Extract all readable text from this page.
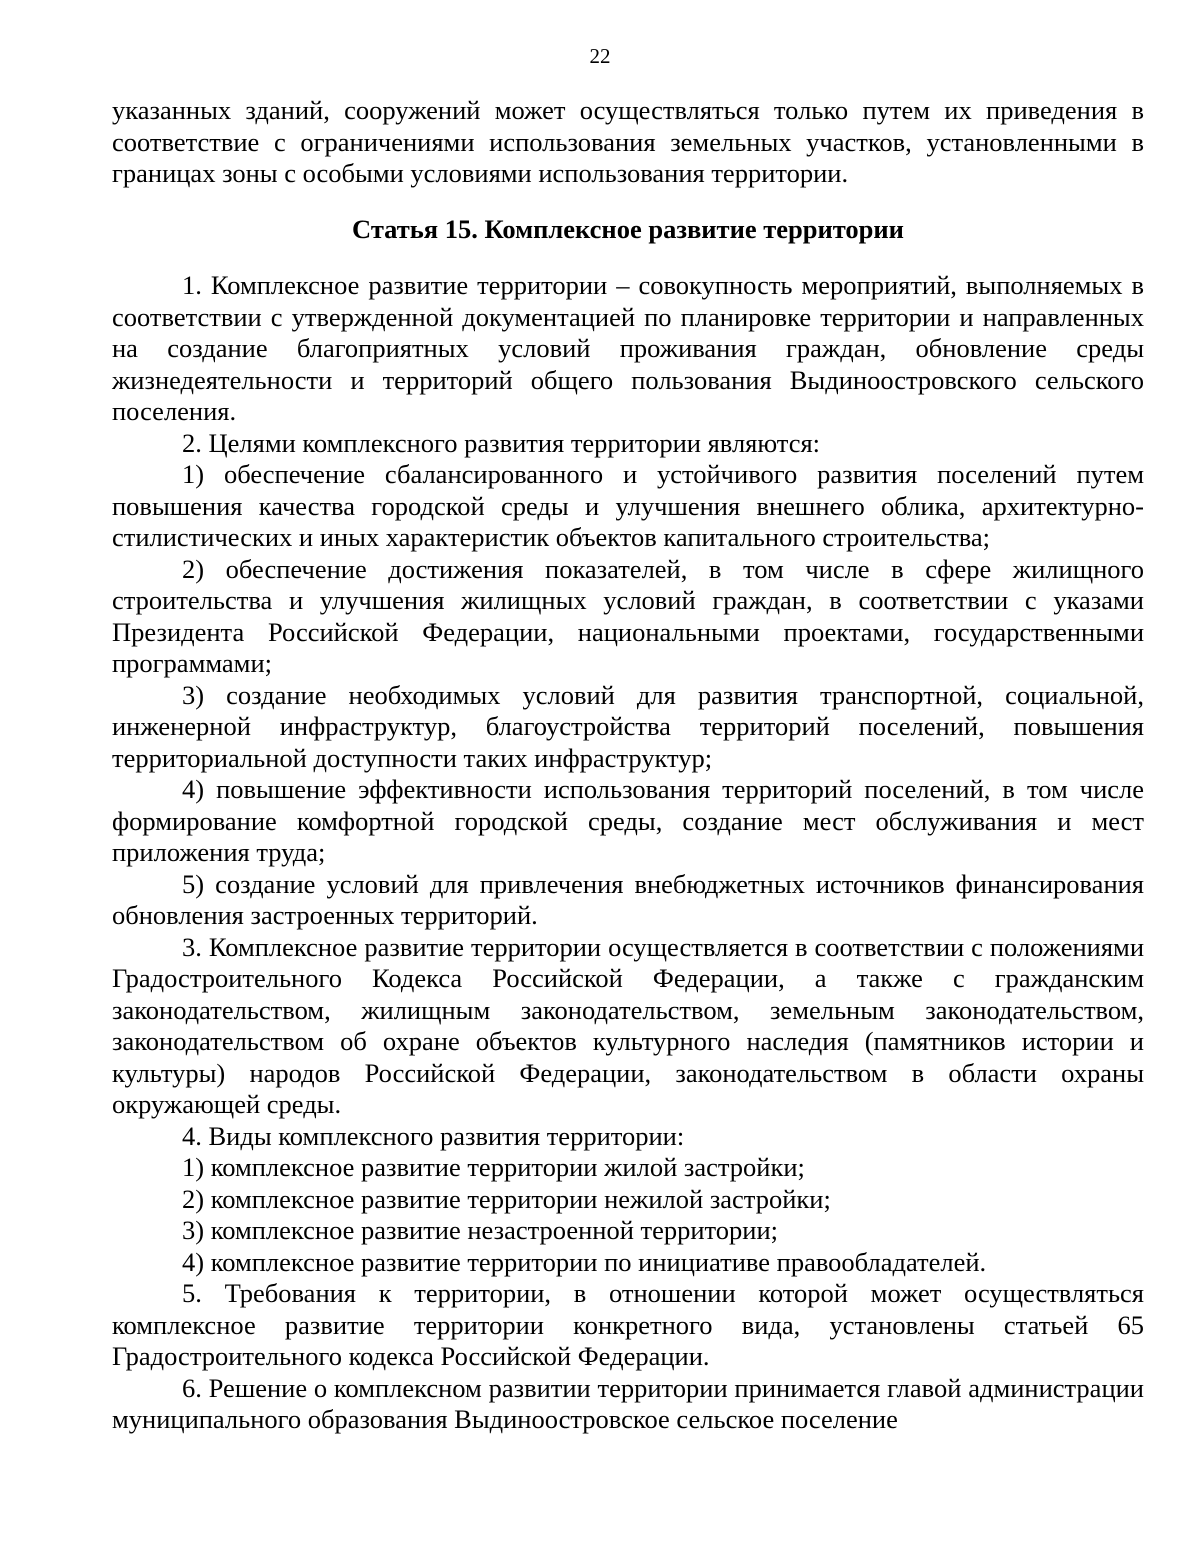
22

указанных зданий, сооружений может осуществляться только путем их приведения в соответствие с ограничениями использования земельных участков, установленными в границах зоны с особыми условиями использования территории.

Статья 15. Комплексное развитие территории

1. Комплексное развитие территории – совокупность мероприятий, выполняемых в соответствии с утвержденной документацией по планировке территории и направленных на создание благоприятных условий проживания граждан, обновление среды жизнедеятельности и территорий общего пользования Выдиноостровского сельского поселения.

2. Целями комплексного развития территории являются:

1) обеспечение сбалансированного и устойчивого развития поселений путем повышения качества городской среды и улучшения внешнего облика, архитектурно-стилистических и иных характеристик объектов капитального строительства;

2) обеспечение достижения показателей, в том числе в сфере жилищного строительства и улучшения жилищных условий граждан, в соответствии с указами Президента Российской Федерации, национальными проектами, государственными программами;

3) создание необходимых условий для развития транспортной, социальной, инженерной инфраструктур, благоустройства территорий поселений, повышения территориальной доступности таких инфраструктур;

4) повышение эффективности использования территорий поселений, в том числе формирование комфортной городской среды, создание мест обслуживания и мест приложения труда;

5) создание условий для привлечения внебюджетных источников финансирования обновления застроенных территорий.

3. Комплексное развитие территории осуществляется в соответствии с положениями Градостроительного Кодекса Российской Федерации, а также с гражданским законодательством, жилищным законодательством, земельным законодательством, законодательством об охране объектов культурного наследия (памятников истории и культуры) народов Российской Федерации, законодательством в области охраны окружающей среды.

4. Виды комплексного развития территории:

1) комплексное развитие территории жилой застройки;

2) комплексное развитие территории нежилой застройки;

3) комплексное развитие незастроенной территории;

4) комплексное развитие территории по инициативе правообладателей.

5. Требования к территории, в отношении которой может осуществляться комплексное развитие территории конкретного вида, установлены статьей 65 Градостроительного кодекса Российской Федерации.

6. Решение о комплексном развитии территории принимается главой администрации муниципального образования Выдиноостровское сельское поселение
